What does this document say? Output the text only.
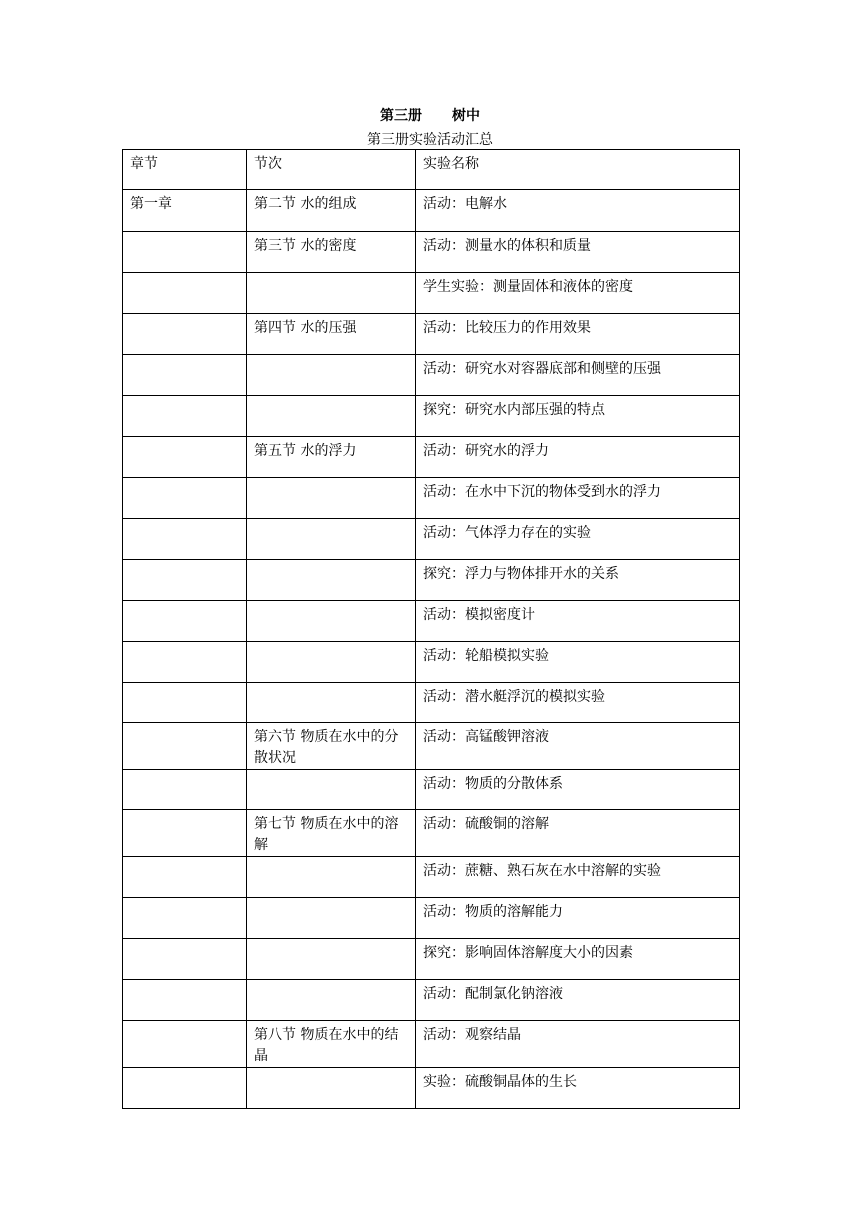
第三册 树中
第三册实验活动汇总
章节	节次	实验名称
第一章	第二节 水的组成	活动：电解水
	第三节 水的密度	活动：测量水的体积和质量
		学生实验：测量固体和液体的密度
	第四节 水的压强	活动：比较压力的作用效果
		活动：研究水对容器底部和侧壁的压强
		探究：研究水内部压强的特点
	第五节 水的浮力	活动：研究水的浮力
		活动：在水中下沉的物体受到水的浮力
		活动：气体浮力存在的实验
		探究：浮力与物体排开水的关系
		活动：模拟密度计
		活动：轮船模拟实验
		活动：潜水艇浮沉的模拟实验
	第六节 物质在水中的分散状况	活动：高锰酸钾溶液
		活动：物质的分散体系
	第七节 物质在水中的溶解	活动：硫酸铜的溶解
		活动：蔗糖、熟石灰在水中溶解的实验
		活动：物质的溶解能力
		探究：影响固体溶解度大小的因素
		活动：配制氯化钠溶液
	第八节 物质在水中的结晶	活动：观察结晶
		实验：硫酸铜晶体的生长
